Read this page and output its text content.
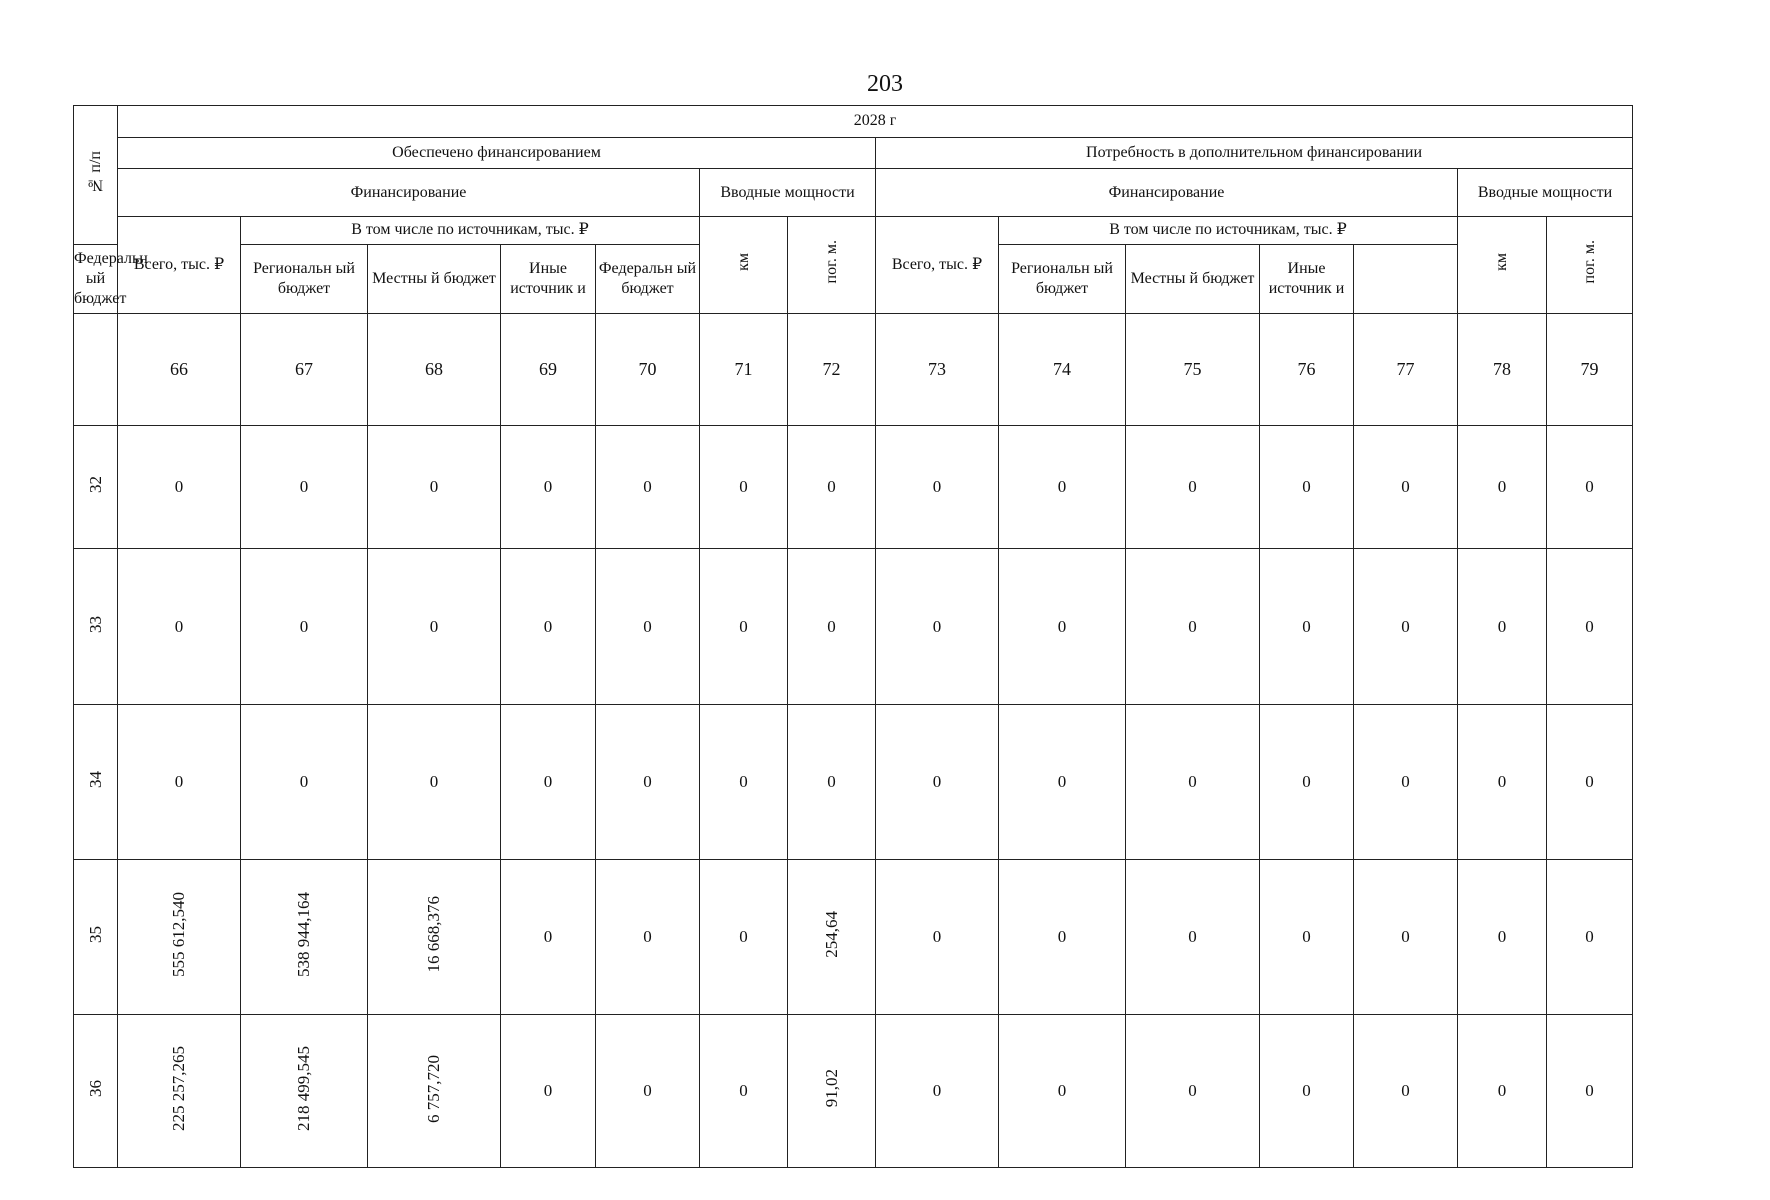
203
№ п/п	2028 г													
	Обеспечено финансированием							Потребность в дополнительном финансировании						
	Финансирование					Вводные мощности		Финансирование					Вводные мощности	
	Всего, тыс. ₽	В том числе по источникам, тыс. ₽				км	пог. м.	Всего, тыс. ₽	В том числе по источникам, тыс. ₽				км	пог. м.
Федеральн ый бюджет		Региональн ый бюджет	Местны й бюджет	Иные источник и	Федеральн ый бюджет				Региональн ый бюджет	Местны й бюджет	Иные источник и			
	66	67	68	69	70	71	72	73	74	75	76	77	78	79
32	0	0	0	0	0	0	0	0	0	0	0	0	0	0
33	0	0	0	0	0	0	0	0	0	0	0	0	0	0
34	0	0	0	0	0	0	0	0	0	0	0	0	0	0
35	555 612,540	538 944,164	16 668,376	0	0	0	254,64	0	0	0	0	0	0	0
36	225 257,265	218 499,545	6 757,720	0	0	0	91,02	0	0	0	0	0	0	0
